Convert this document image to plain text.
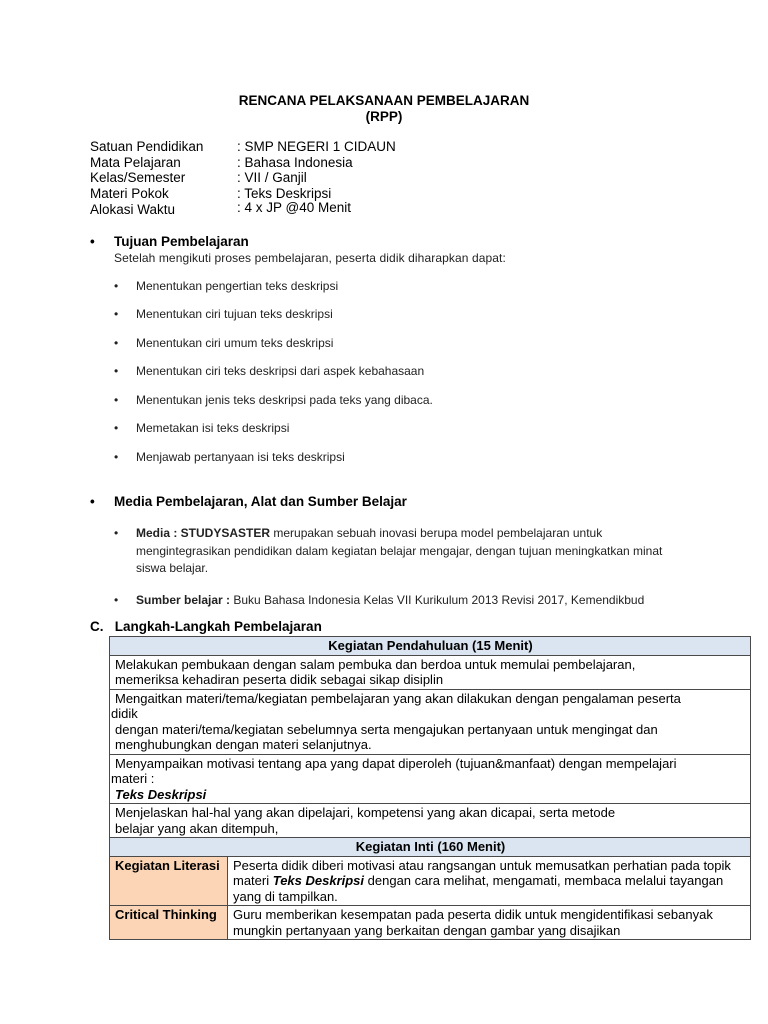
RENCANA PELAKSANAAN PEMBELAJARAN
(RPP)
Satuan Pendidikan : SMP NEGERI 1 CIDAUN
Mata Pelajaran	: Bahasa Indonesia
Kelas/Semester	: VII / Ganjil
Materi Pokok	: Teks Deskripsi
Alokasi Waktu	: 4 x JP @40 Menit
• Tujuan Pembelajaran
Setelah mengikuti proses pembelajaran, peserta didik diharapkan dapat:
• Menentukan pengertian teks deskripsi
• Menentukan ciri tujuan teks deskripsi
• Menentukan ciri umum teks deskripsi
• Menentukan ciri teks deskripsi dari aspek kebahasaan
• Menentukan jenis teks deskripsi pada teks yang dibaca.
• Memetakan isi teks deskripsi
• Menjawab pertanyaan isi teks deskripsi
• Media Pembelajaran, Alat dan Sumber Belajar
• Media : STUDYSASTER merupakan sebuah inovasi berupa model pembelajaran untuk mengintegrasikan pendidikan dalam kegiatan belajar mengajar, dengan tujuan meningkatkan minat siswa belajar.
• Sumber belajar : Buku Bahasa Indonesia Kelas VII Kurikulum 2013 Revisi 2017, Kemendikbud
C.   Langkah-Langkah Pembelajaran
Kegiatan Pendahuluan (15 Menit)	

Melakukan pembukaan dengan salam pembuka dan berdoa untuk memulai pembelajaran,
memeriksa kehadiran peserta didik sebagai sikap disiplin	

Mengaitkan materi/tema/kegiatan pembelajaran yang akan dilakukan dengan pengalaman peserta
didik
dengan materi/tema/kegiatan sebelumnya serta mengajukan pertanyaan untuk mengingat dan
menghubungkan dengan materi selanjutnya.	

Menyampaikan motivasi tentang apa yang dapat diperoleh (tujuan&manfaat) dengan mempelajari
materi :
Teks Deskripsi	

Menjelaskan hal-hal yang akan dipelajari, kompetensi yang akan dicapai, serta metode
belajar yang akan ditempuh,	

Kegiatan Inti (160 Menit)	
Kegiatan Literasi	Peserta didik diberi motivasi atau rangsangan untuk memusatkan perhatian pada topik materi Teks Deskripsi dengan cara melihat, mengamati, membaca melalui tayangan yang di tampilkan.
Critical Thinking	Guru memberikan kesempatan pada peserta didik untuk mengidentifikasi sebanyak mungkin pertanyaan yang berkaitan dengan gambar yang disajikan
